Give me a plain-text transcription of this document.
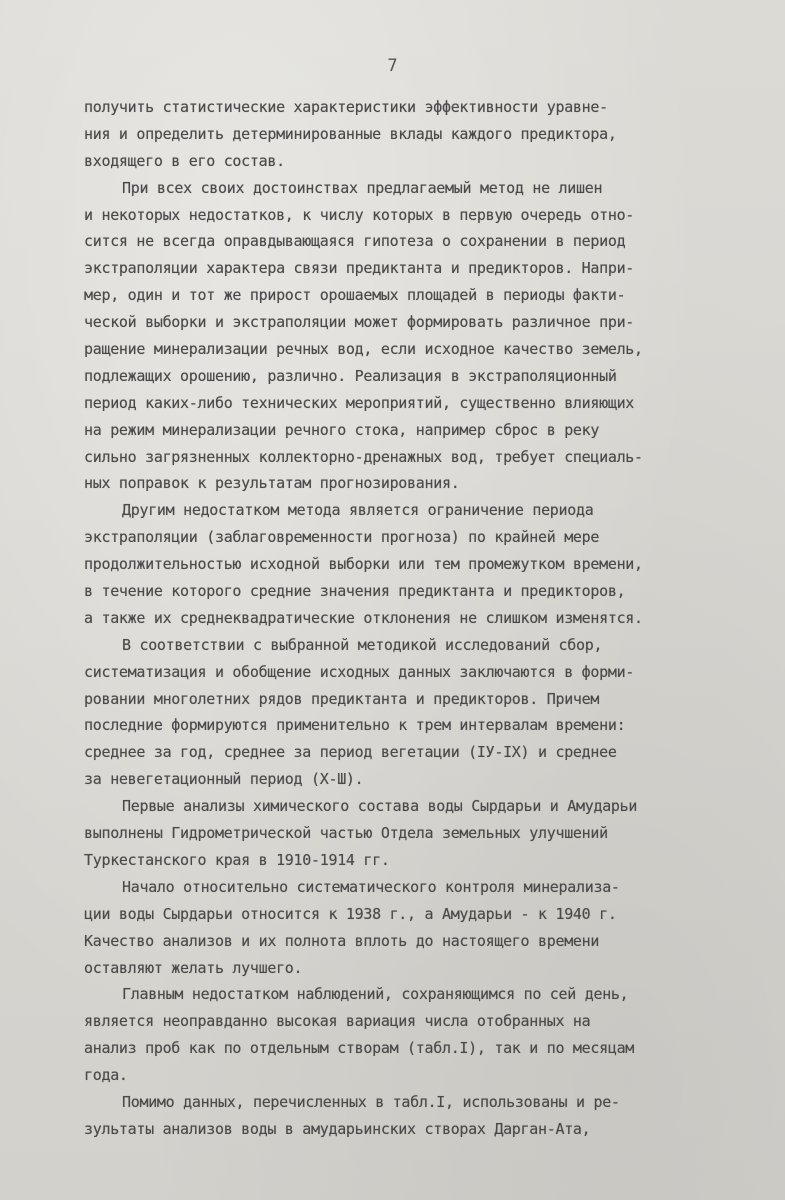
7
получить статистические характеристики эффективности уравне-
ния и определить детерминированные вклады каждого предиктора,
входящего в его состав.
При всех своих достоинствах предлагаемый метод не лишен
и некоторых недостатков, к числу которых в первую очередь отно-
сится не всегда оправдывающаяся гипотеза о сохранении в период
экстраполяции характера связи предиктанта и предикторов. Напри-
мер, один и тот же прирост орошаемых площадей в периоды факти-
ческой выборки и экстраполяции может формировать различное при-
ращение минерализации речных вод, если исходное качество земель,
подлежащих орошению, различно. Реализация в экстраполяционный
период каких-либо технических мероприятий, существенно влияющих
на режим минерализации речного стока, например сброс в реку
сильно загрязненных коллекторно-дренажных вод, требует специаль-
ных поправок к результатам прогнозирования.
Другим недостатком метода является ограничение периода
экстраполяции (заблаговременности прогноза) по крайней мере
продолжительностью исходной выборки или тем промежутком времени,
в течение которого средние значения предиктанта и предикторов,
а также их среднеквадратические отклонения не слишком изменятся.
В соответствии с выбранной методикой исследований сбор,
систематизация и обобщение исходных данных заключаются в форми-
ровании многолетних рядов предиктанта и предикторов. Причем
последние формируются применительно к трем интервалам времени:
среднее за год, среднее за период вегетации (IУ-IX) и среднее
за невегетационный период (Х-Ш).
Первые анализы химического состава воды Сырдарьи и Амударьи
выполнены Гидрометрической частью Отдела земельных улучшений
Туркестанского края в 1910-1914 гг.
Начало относительно систематического контроля минерализа-
ции воды Сырдарьи относится к 1938 г., а Амударьи - к 1940 г.
Качество анализов и их полнота вплоть до настоящего времени
оставляют желать лучшего.
Главным недостатком наблюдений, сохраняющимся по сей день,
является неоправданно высокая вариация числа отобранных на
анализ проб как по отдельным створам (табл.I), так и по месяцам
года.
Помимо данных, перечисленных в табл.I, использованы и ре-
зультаты анализов воды в амударьинских створах Дарган-Ата,
